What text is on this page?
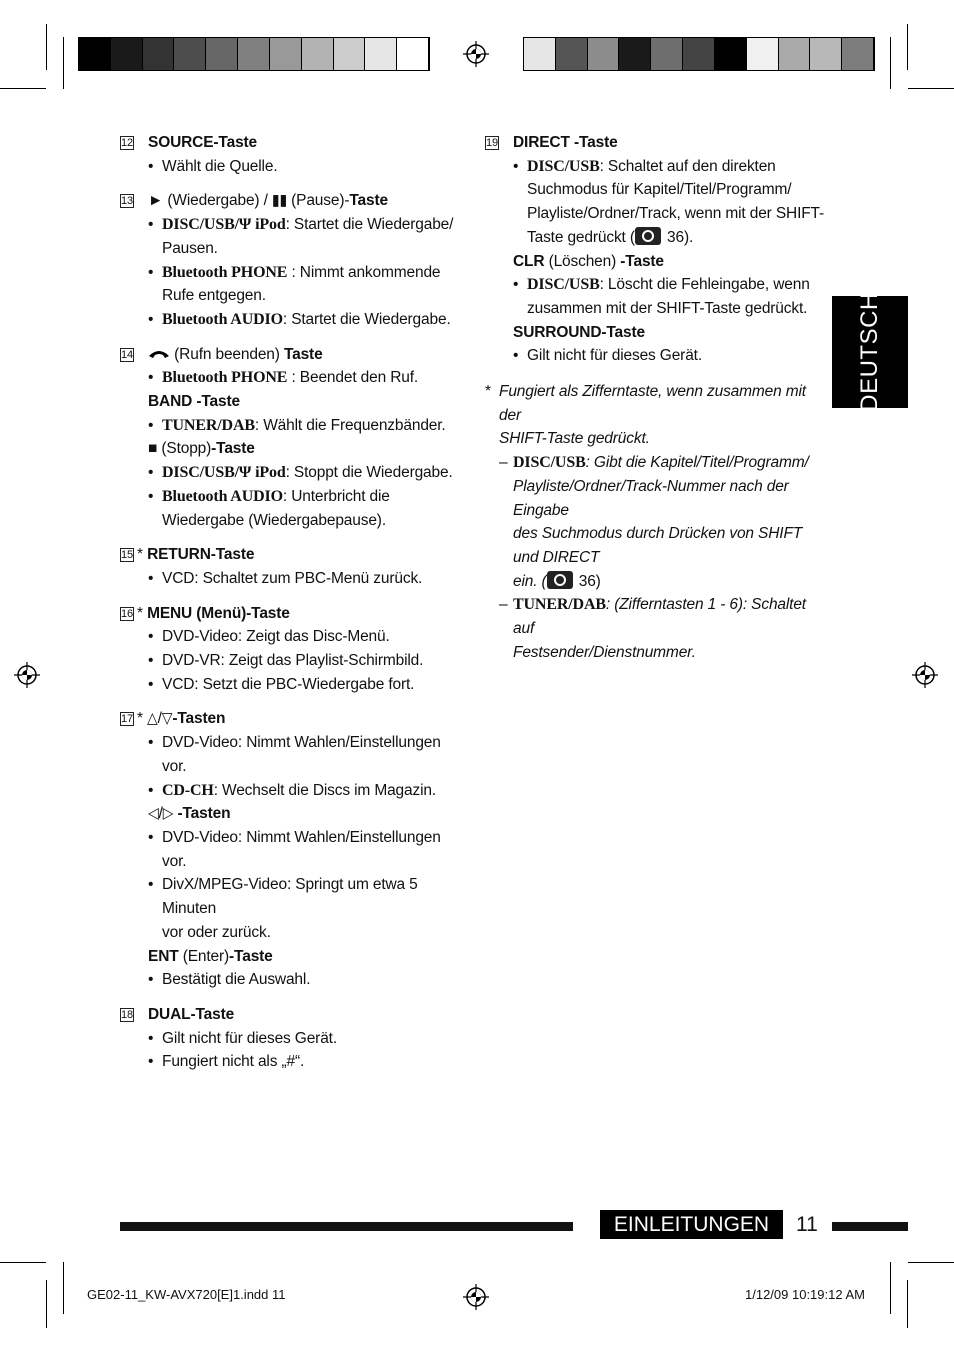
DEUTSCH
12 SOURCE-Taste

• Wählt die Quelle.

13 ► (Wiedergabe) / ▮▮ (Pause)-Taste

• DISC/USB/Ψ iPod: Startet die Wiedergabe/
Pausen.

• Bluetooth PHONE : Nimmt ankommende
Rufe entgegen.

• Bluetooth AUDIO: Startet die Wiedergabe.

14	(Rufn beenden) Taste

• Bluetooth PHONE : Beendet den Ruf.

BAND -Taste

• TUNER/DAB: Wählt die Frequenzbänder.

■ (Stopp)-Taste

• DISC/USB/Ψ iPod: Stoppt die Wiedergabe.

• Bluetooth AUDIO: Unterbricht die
Wiedergabe (Wiedergabepause).

15 * RETURN-Taste

• VCD: Schaltet zum PBC-Menü zurück.

16 * MENU (Menü)-Taste

• DVD-Video: Zeigt das Disc-Menü.

• DVD-VR: Zeigt das Playlist-Schirmbild.

• VCD: Setzt die PBC-Wiedergabe fort.

17 * △/▽-Tasten

• DVD-Video: Nimmt Wahlen/Einstellungen vor.

• CD-CH: Wechselt die Discs im Magazin.

◁/▷ -Tasten

• DVD-Video: Nimmt Wahlen/Einstellungen vor.

• DivX/MPEG-Video: Springt um etwa 5 Minuten
vor oder zurück.

ENT (Enter)-Taste

• Bestätigt die Auswahl.

18 DUAL-Taste

• Gilt nicht für dieses Gerät.

• Fungiert nicht als „#“.

19 DIRECT -Taste

• DISC/USB: Schaltet auf den direkten
Suchmodus für Kapitel/Titel/Programm/
Playliste/Ordner/Track, wenn mit der SHIFT-
Taste gedrückt ( 36).

CLR (Löschen) -Taste

• DISC/USB: Löscht die Fehleingabe, wenn
zusammen mit der SHIFT-Taste gedrückt.

SURROUND-Taste

• Gilt nicht für dieses Gerät.

* Fungiert als Zifferntaste, wenn zusammen mit der
SHIFT-Taste gedrückt.

– DISC/USB: Gibt die Kapitel/Titel/Programm/
Playliste/Ordner/Track-Nummer nach der Eingabe
des Suchmodus durch Drücken von SHIFT und DIRECT
ein. ( 36)

– TUNER/DAB: (Zifferntasten 1 - 6): Schaltet auf
Festsender/Dienstnummer.

EINLEITUNGEN	11
GE02-11_KW-AVX720[E]1.indd 11	1/12/09 10:19:12 AM
